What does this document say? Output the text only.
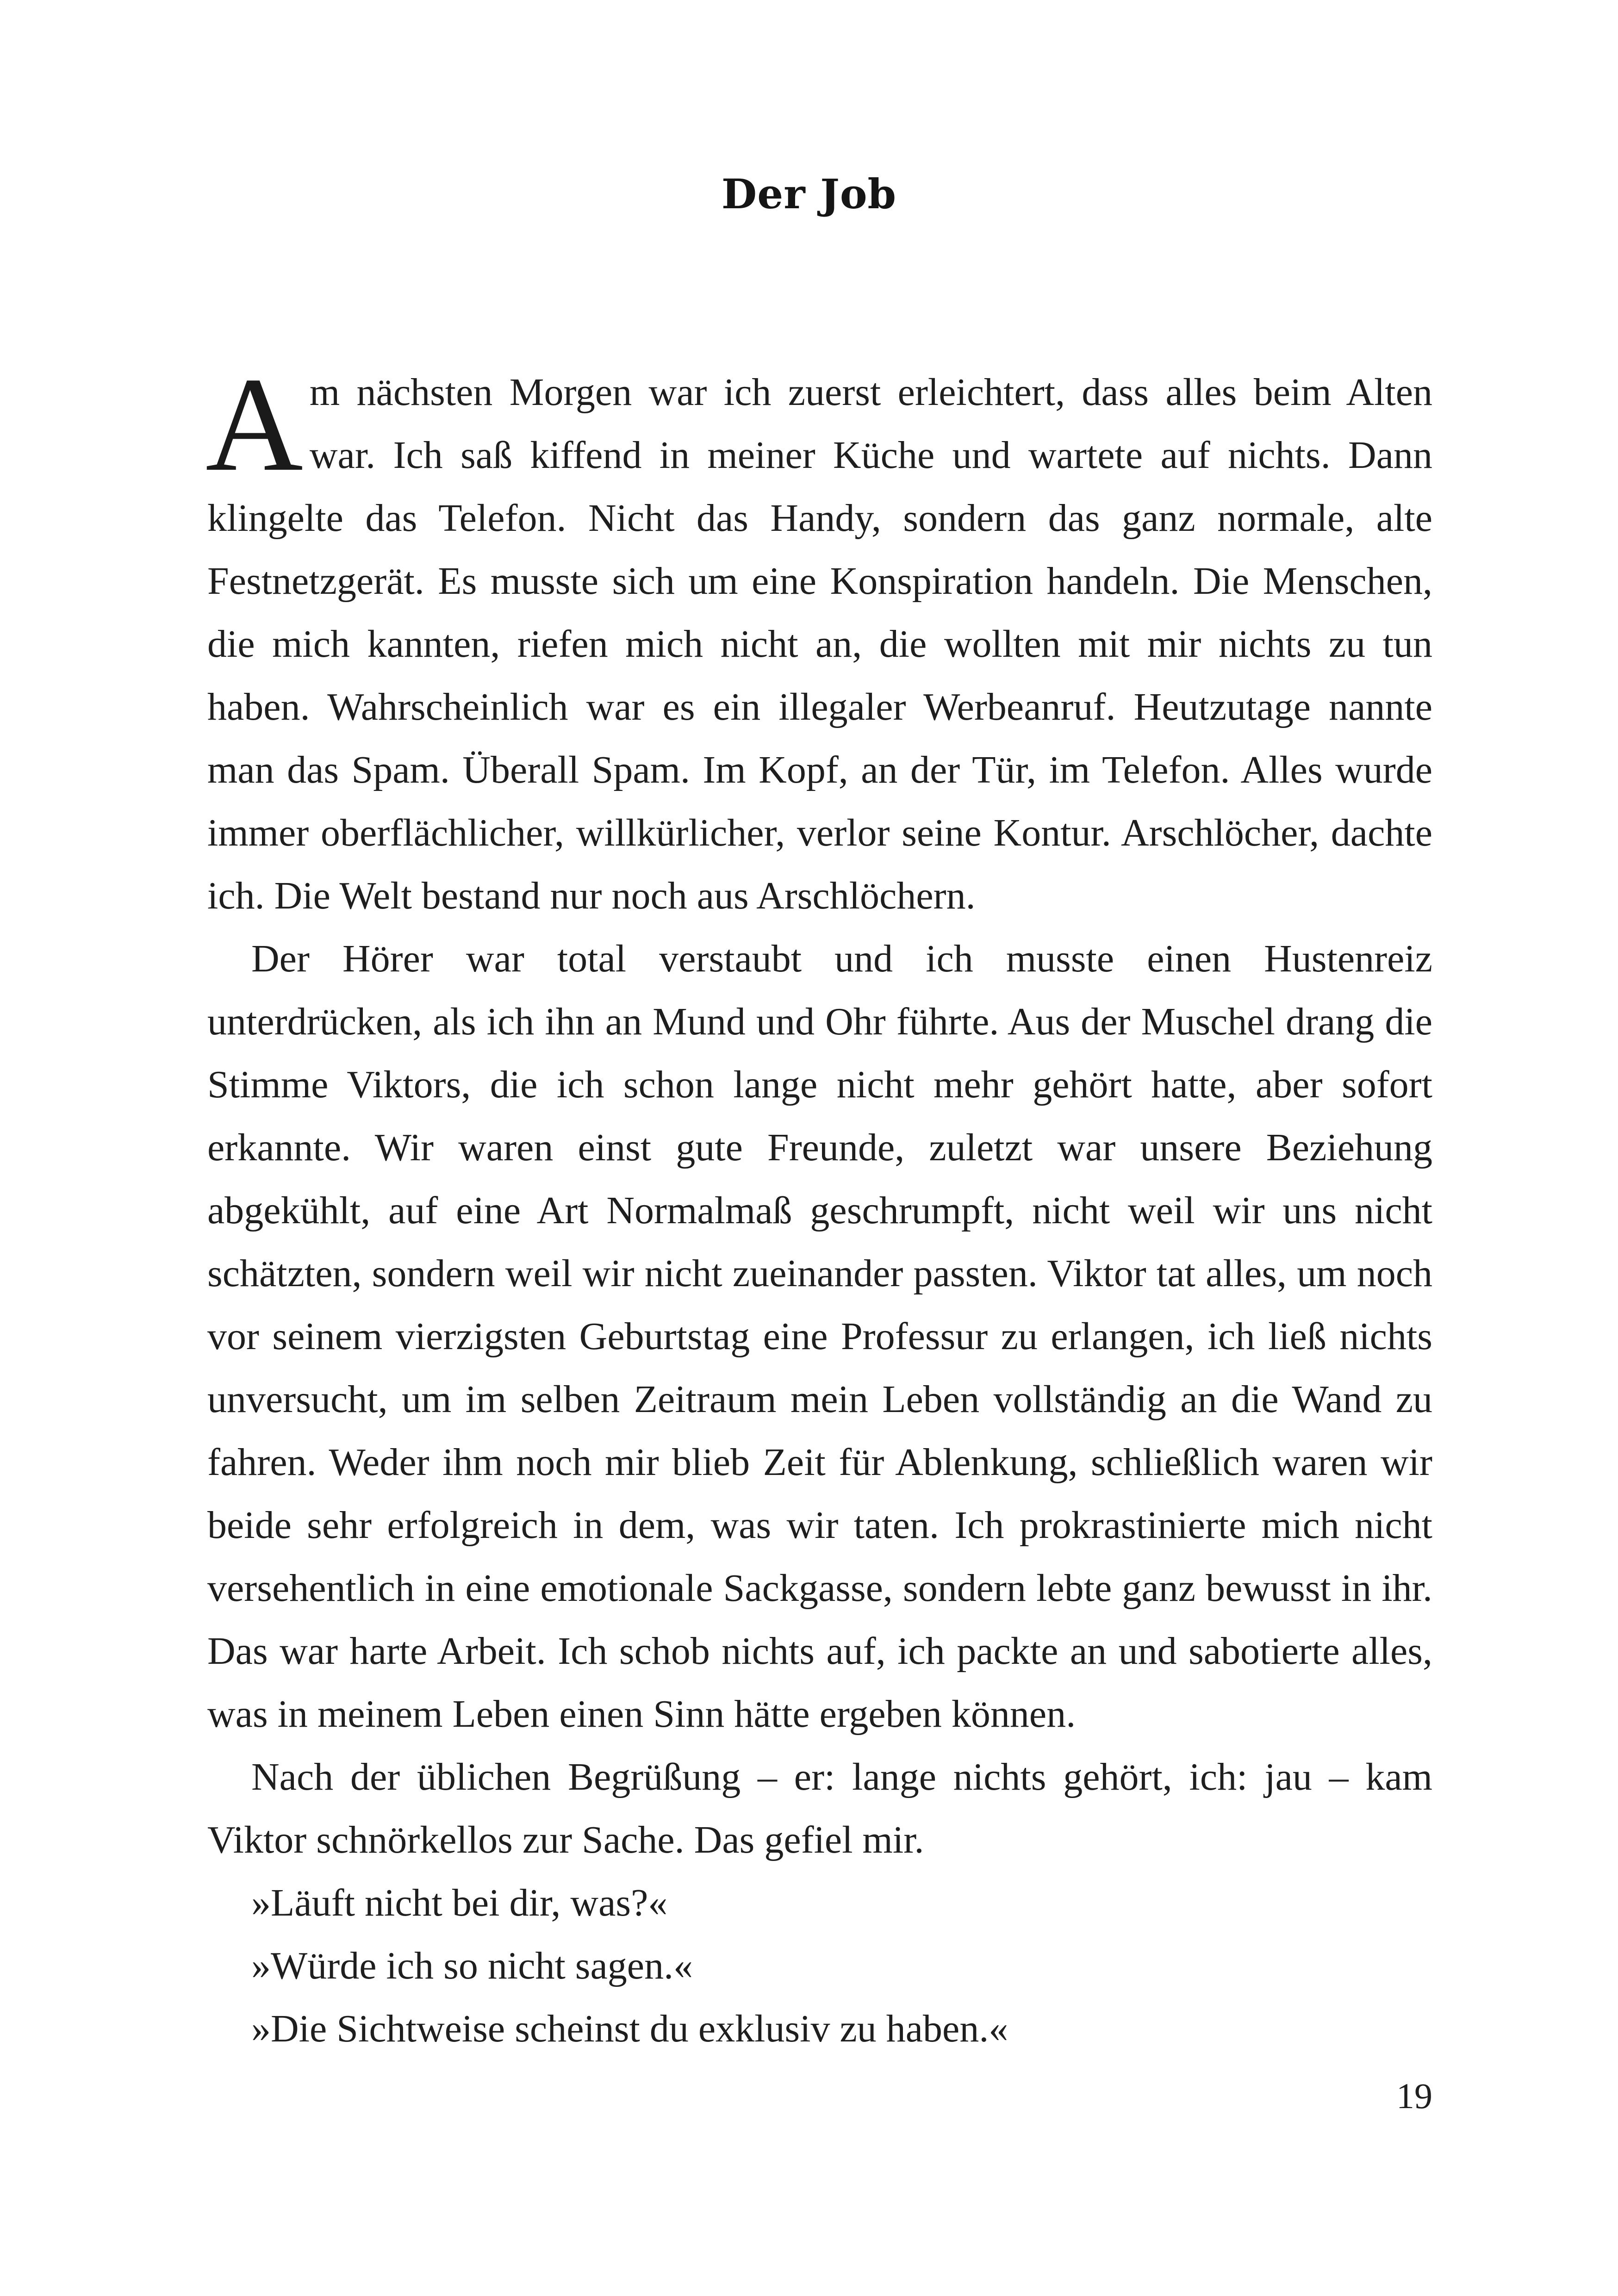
Der Job

Am nächsten Morgen war ich zuerst erleichtert, dass alles beim Alten war. Ich saß kiffend in meiner Küche und wartete auf nichts. Dann klingelte das Telefon. Nicht das Handy, sondern das ganz normale, alte Festnetzgerät. Es musste sich um eine Konspiration handeln. Die Menschen, die mich kannten, riefen mich nicht an, die wollten mit mir nichts zu tun haben. Wahrscheinlich war es ein illegaler Werbeanruf. Heutzutage nannte man das Spam. Überall Spam. Im Kopf, an der Tür, im Telefon. Alles wurde immer oberflächlicher, willkürlicher, verlor seine Kontur. Arschlöcher, dachte ich. Die Welt bestand nur noch aus Arschlöchern.

Der Hörer war total verstaubt und ich musste einen Hustenreiz unterdrücken, als ich ihn an Mund und Ohr führte. Aus der Muschel drang die Stimme Viktors, die ich schon lange nicht mehr gehört hatte, aber sofort erkannte. Wir waren einst gute Freunde, zuletzt war unsere Beziehung abgekühlt, auf eine Art Normalmaß geschrumpft, nicht weil wir uns nicht schätzten, sondern weil wir nicht zueinander passten. Viktor tat alles, um noch vor seinem vierzigsten Geburtstag eine Professur zu erlangen, ich ließ nichts unversucht, um im selben Zeitraum mein Leben vollständig an die Wand zu fahren. Weder ihm noch mir blieb Zeit für Ablenkung, schließlich waren wir beide sehr erfolgreich in dem, was wir taten. Ich prokrastinierte mich nicht versehentlich in eine emotionale Sackgasse, sondern lebte ganz bewusst in ihr. Das war harte Arbeit. Ich schob nichts auf, ich packte an und sabotierte alles, was in meinem Leben einen Sinn hätte ergeben können.

Nach der üblichen Begrüßung – er: lange nichts gehört, ich: jau – kam Viktor schnörkellos zur Sache. Das gefiel mir.

»Läuft nicht bei dir, was?«

»Würde ich so nicht sagen.«

»Die Sichtweise scheinst du exklusiv zu haben.«

19
